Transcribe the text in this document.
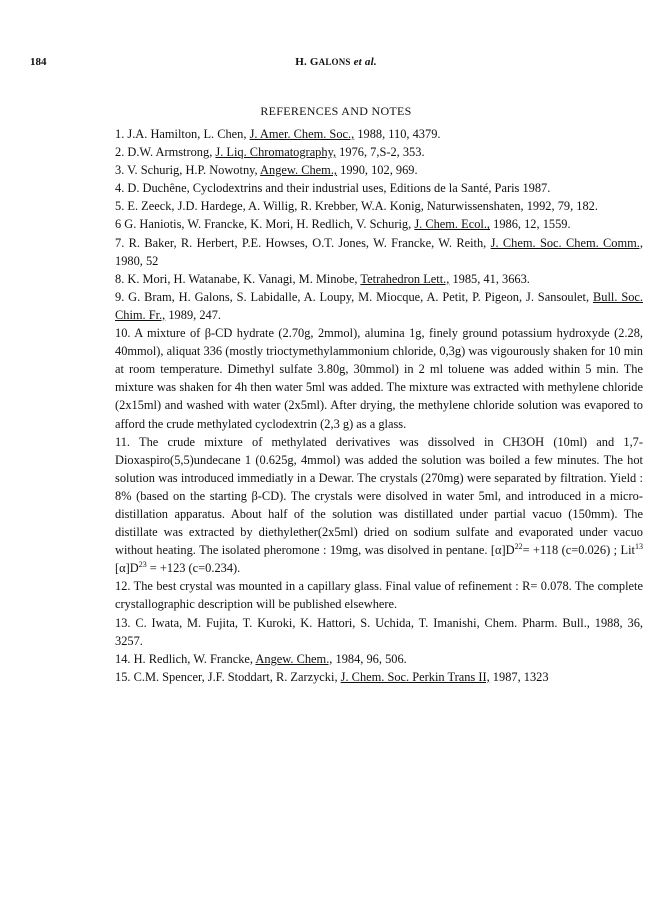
184	H. GALONS et al.
REFERENCES AND NOTES

1. J.A. Hamilton, L. Chen, J. Amer. Chem. Soc., 1988, 110, 4379.

2. D.W. Armstrong, J. Liq. Chromatography, 1976, 7,S-2, 353.

3. V. Schurig, H.P. Nowotny, Angew. Chem., 1990, 102, 969.

4. D. Duchêne, Cyclodextrins and their industrial uses, Editions de la Santé, Paris 1987.

5. E. Zeeck, J.D. Hardege, A. Willig, R. Krebber, W.A. Konig, Naturwissenshaten, 1992, 79, 182.

6 G. Haniotis, W. Francke, K. Mori, H. Redlich, V. Schurig, J. Chem. Ecol., 1986, 12, 1559.

7. R. Baker, R. Herbert, P.E. Howses, O.T. Jones, W. Francke, W. Reith, J. Chem. Soc. Chem. Comm., 1980, 52

8. K. Mori, H. Watanabe, K. Vanagi, M. Minobe, Tetrahedron Lett., 1985, 41, 3663.

9. G. Bram, H. Galons, S. Labidalle, A. Loupy, M. Miocque, A. Petit, P. Pigeon, J. Sansoulet, Bull. Soc. Chim. Fr., 1989, 247.

10. A mixture of β-CD hydrate (2.70g, 2mmol), alumina 1g, finely ground potassium hydroxyde (2.28, 40mmol), aliquat 336 (mostly trioctymethylammonium chloride, 0,3g) was vigourously shaken for 10 min at room temperature. Dimethyl sulfate 3.80g, 30mmol) in 2 ml toluene was added within 5 min. The mixture was shaken for 4h then water 5ml was added. The mixture was extracted with methylene chloride (2x15ml) and washed with water (2x5ml). After drying, the methylene chloride solution was evapored to afford the crude methylated cyclodextrin (2,3 g) as a glass.

11. The crude mixture of methylated derivatives was dissolved in CH3OH (10ml) and 1,7-Dioxaspiro(5,5)undecane 1 (0.625g, 4mmol) was added the solution was boiled a few minutes. The hot solution was introduced immediatly in a Dewar. The crystals (270mg) were separated by filtration. Yield : 8% (based on the starting β-CD). The crystals were disolved in water 5ml, and introduced in a micro-distillation apparatus. About half of the solution was distillated under partial vacuo (150mm). The distillate was extracted by diethylether(2x5ml) dried on sodium sulfate and evaporated under vacuo without heating. The isolated pheromone : 19mg, was disolved in pentane. $[\alpha]D^{22}= +118$ (c=0.026) ; Lit$^{13}$ $[\alpha]D^{23} = +123$ (c=0.234).

12. The best crystal was mounted in a capillary glass. Final value of refinement : R= 0.078. The complete crystallographic description will be published elsewhere.

13. C. Iwata, M. Fujita, T. Kuroki, K. Hattori, S. Uchida, T. Imanishi, Chem. Pharm. Bull., 1988, 36, 3257.

14. H. Redlich, W. Francke, Angew. Chem., 1984, 96, 506.

15. C.M. Spencer, J.F. Stoddart, R. Zarzycki, J. Chem. Soc. Perkin Trans II, 1987, 1323
